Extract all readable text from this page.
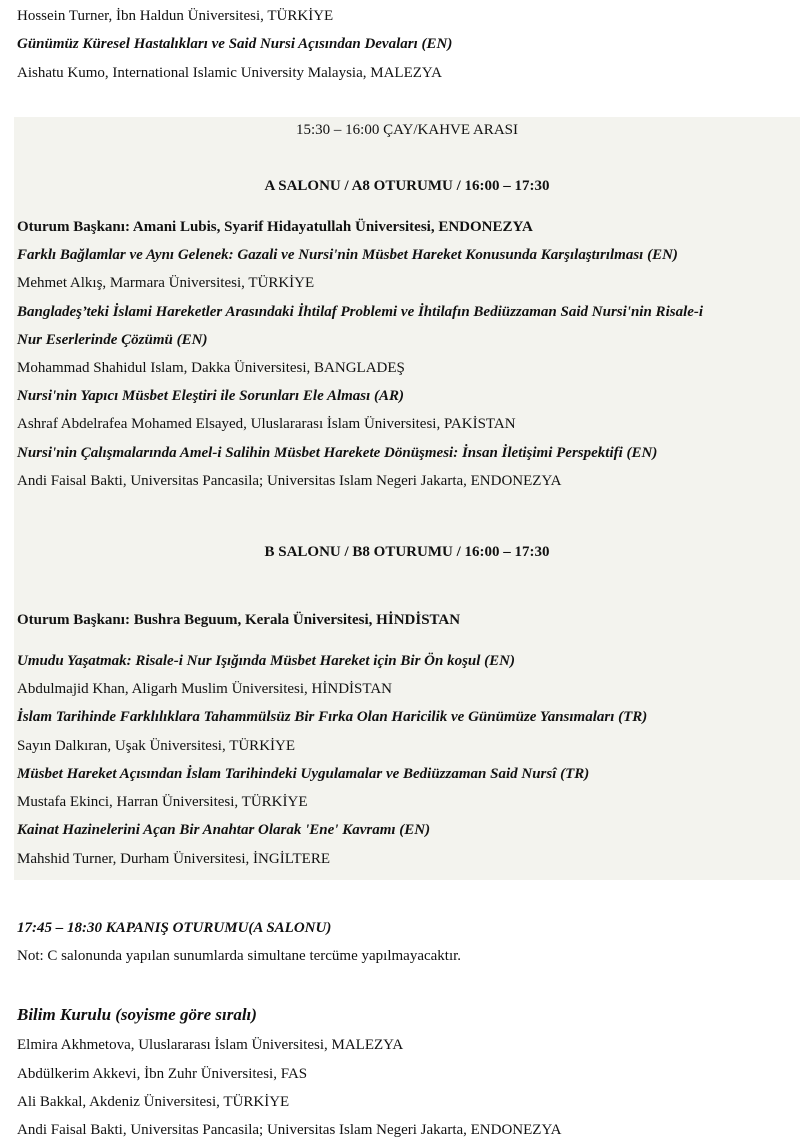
Hossein Turner, İbn Haldun Üniversitesi, TÜRKİYE
Günümüz Küresel Hastalıkları ve Said Nursi Açısından Devaları (EN)
Aishatu Kumo, International Islamic University Malaysia, MALEZYA
15:30 – 16:00 ÇAY/KAHVE ARASI
A SALONU / A8 OTURUMU / 16:00 – 17:30
Oturum Başkanı: Amani Lubis, Syarif Hidayatullah Üniversitesi, ENDONEZYA
Farklı Bağlamlar ve Aynı Gelenek: Gazali ve Nursi'nin Müsbet Hareket Konusunda Karşılaştırılması (EN)
Mehmet Alkış, Marmara Üniversitesi, TÜRKİYE
Bangladeş’teki İslami Hareketler Arasındaki İhtilaf Problemi ve İhtilafın Bediüzzaman Said Nursi'nin Risale-i
Nur Eserlerinde Çözümü (EN)
Mohammad Shahidul Islam, Dakka Üniversitesi, BANGLADEŞ
Nursi'nin Yapıcı Müsbet Eleştiri ile Sorunları Ele Alması (AR)
Ashraf Abdelrafea Mohamed Elsayed, Uluslararası İslam Üniversitesi, PAKİSTAN
Nursi'nin Çalışmalarında Amel-i Salihin Müsbet Harekete Dönüşmesi: İnsan İletişimi Perspektifi (EN)
Andi Faisal Bakti, Universitas Pancasila; Universitas Islam Negeri Jakarta, ENDONEZYA
B SALONU / B8 OTURUMU / 16:00 – 17:30
Oturum Başkanı: Bushra Beguum, Kerala Üniversitesi, HİNDİSTAN
Umudu Yaşatmak: Risale-i Nur Işığında Müsbet Hareket için Bir Ön koşul (EN)
Abdulmajid Khan, Aligarh Muslim Üniversitesi, HİNDİSTAN
İslam Tarihinde Farklılıklara Tahammülsüz Bir Fırka Olan Haricilik ve Günümüze Yansımaları (TR)
Sayın Dalkıran, Uşak Üniversitesi, TÜRKİYE
Müsbet Hareket Açısından İslam Tarihindeki Uygulamalar ve Bediüzzaman Said Nursî (TR)
Mustafa Ekinci, Harran Üniversitesi, TÜRKİYE
Kainat Hazinelerini Açan Bir Anahtar Olarak 'Ene' Kavramı (EN)
Mahshid Turner, Durham Üniversitesi, İNGİLTERE
17:45 – 18:30 KAPANIŞ OTURUMU(A SALONU)
Not: C salonunda yapılan sunumlarda simultane tercüme yapılmayacaktır.
Bilim Kurulu (soyisme göre sıralı)
Elmira Akhmetova, Uluslararası İslam Üniversitesi, MALEZYA
Abdülkerim Akkevi, İbn Zuhr Üniversitesi, FAS
Ali Bakkal, Akdeniz Üniversitesi, TÜRKİYE
Andi Faisal Bakti, Universitas Pancasila; Universitas Islam Negeri Jakarta, ENDONEZYA
